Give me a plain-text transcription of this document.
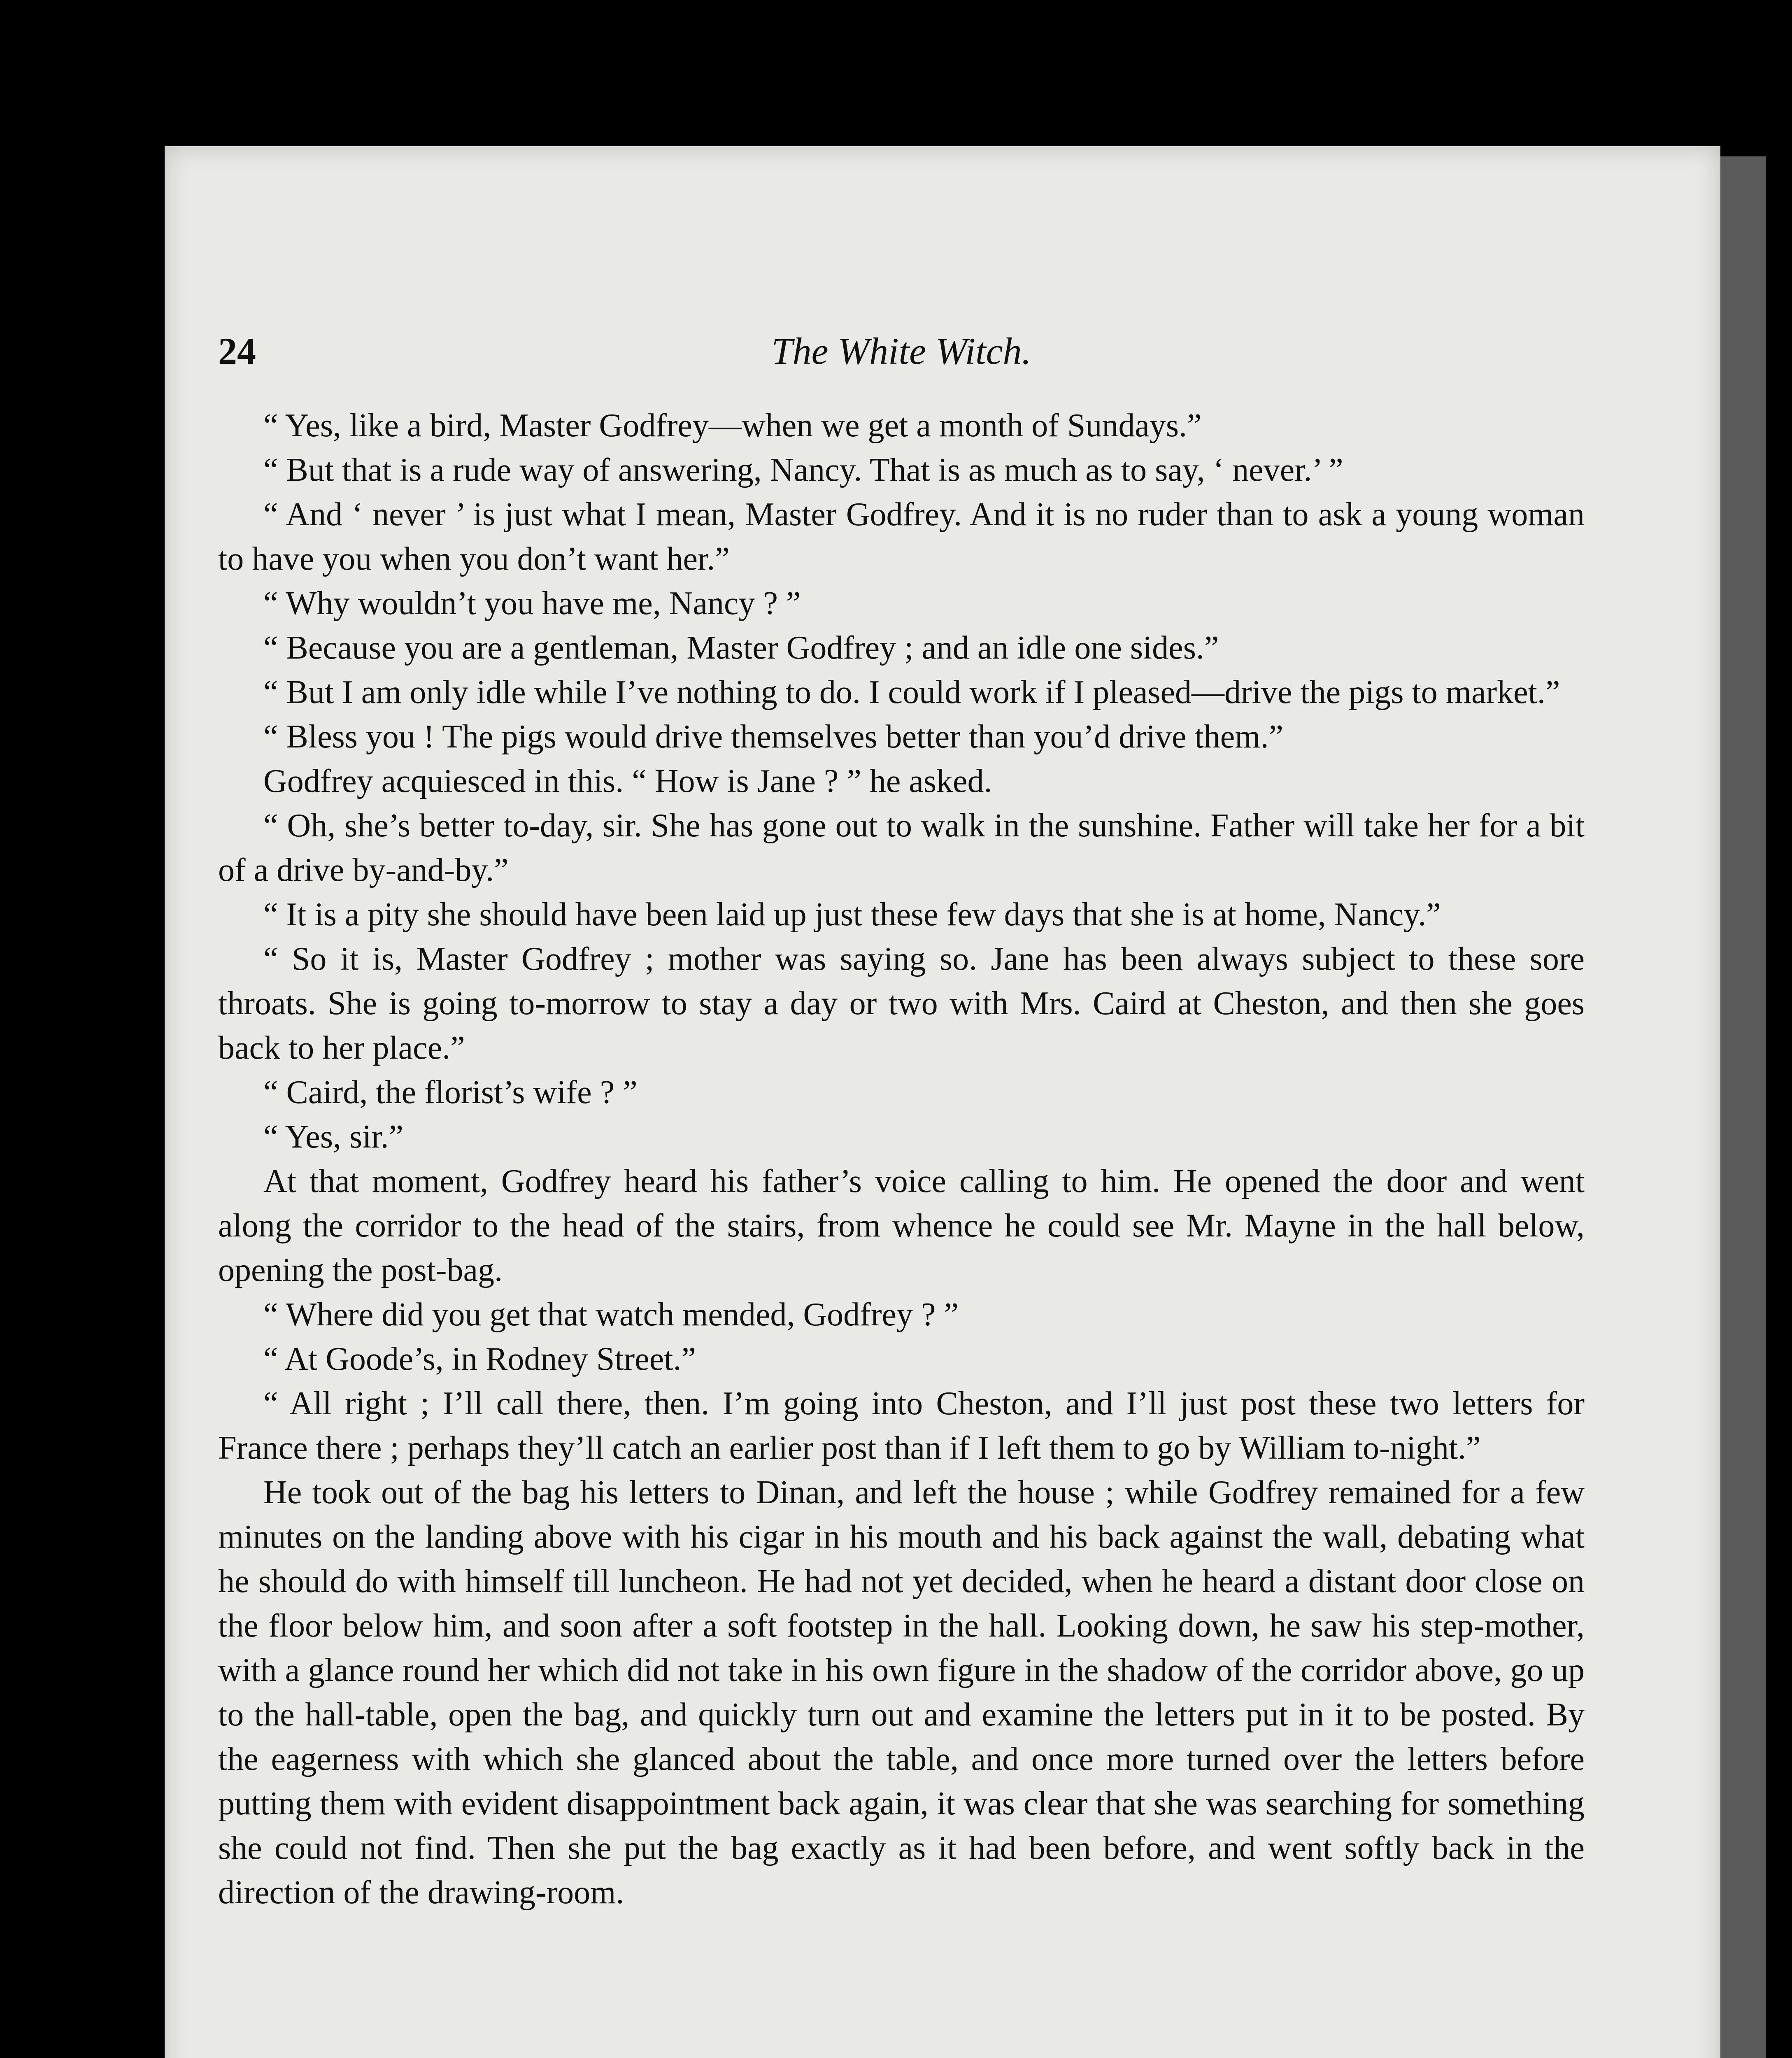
24	The White Witch.

“ Yes, like a bird, Master Godfrey—when we get a month of Sundays.”

“ But that is a rude way of answering, Nancy. That is as much as to say, ‘ never.’ ”

“ And ‘ never ’ is just what I mean, Master Godfrey. And it is no ruder than to ask a young woman to have you when you don’t want her.”

“ Why wouldn’t you have me, Nancy ? ”

“ Because you are a gentleman, Master Godfrey ; and an idle one sides.”

“ But I am only idle while I’ve nothing to do. I could work if I pleased—drive the pigs to market.”

“ Bless you ! The pigs would drive themselves better than you’d drive them.”

Godfrey acquiesced in this. “ How is Jane ? ” he asked.

“ Oh, she’s better to-day, sir. She has gone out to walk in the sunshine. Father will take her for a bit of a drive by-and-by.”

“ It is a pity she should have been laid up just these few days that she is at home, Nancy.”

“ So it is, Master Godfrey ; mother was saying so. Jane has been always subject to these sore throats. She is going to-morrow to stay a day or two with Mrs. Caird at Cheston, and then she goes back to her place.”

“ Caird, the florist’s wife ? ”

“ Yes, sir.”

At that moment, Godfrey heard his father’s voice calling to him. He opened the door and went along the corridor to the head of the stairs, from whence he could see Mr. Mayne in the hall below, opening the post-bag.

“ Where did you get that watch mended, Godfrey ? ”

“ At Goode’s, in Rodney Street.”

“ All right ; I’ll call there, then. I’m going into Cheston, and I’ll just post these two letters for France there ; perhaps they’ll catch an earlier post than if I left them to go by William to-night.”

He took out of the bag his letters to Dinan, and left the house ; while Godfrey remained for a few minutes on the landing above with his cigar in his mouth and his back against the wall, debating what he should do with himself till luncheon. He had not yet decided, when he heard a distant door close on the floor below him, and soon after a soft footstep in the hall. Looking down, he saw his step-mother, with a glance round her which did not take in his own figure in the shadow of the corridor above, go up to the hall-table, open the bag, and quickly turn out and examine the letters put in it to be posted. By the eagerness with which she glanced about the table, and once more turned over the letters before putting them with evident disappointment back again, it was clear that she was searching for something she could not find. Then she put the bag exactly as it had been before, and went softly back in the direction of the drawing-room.
